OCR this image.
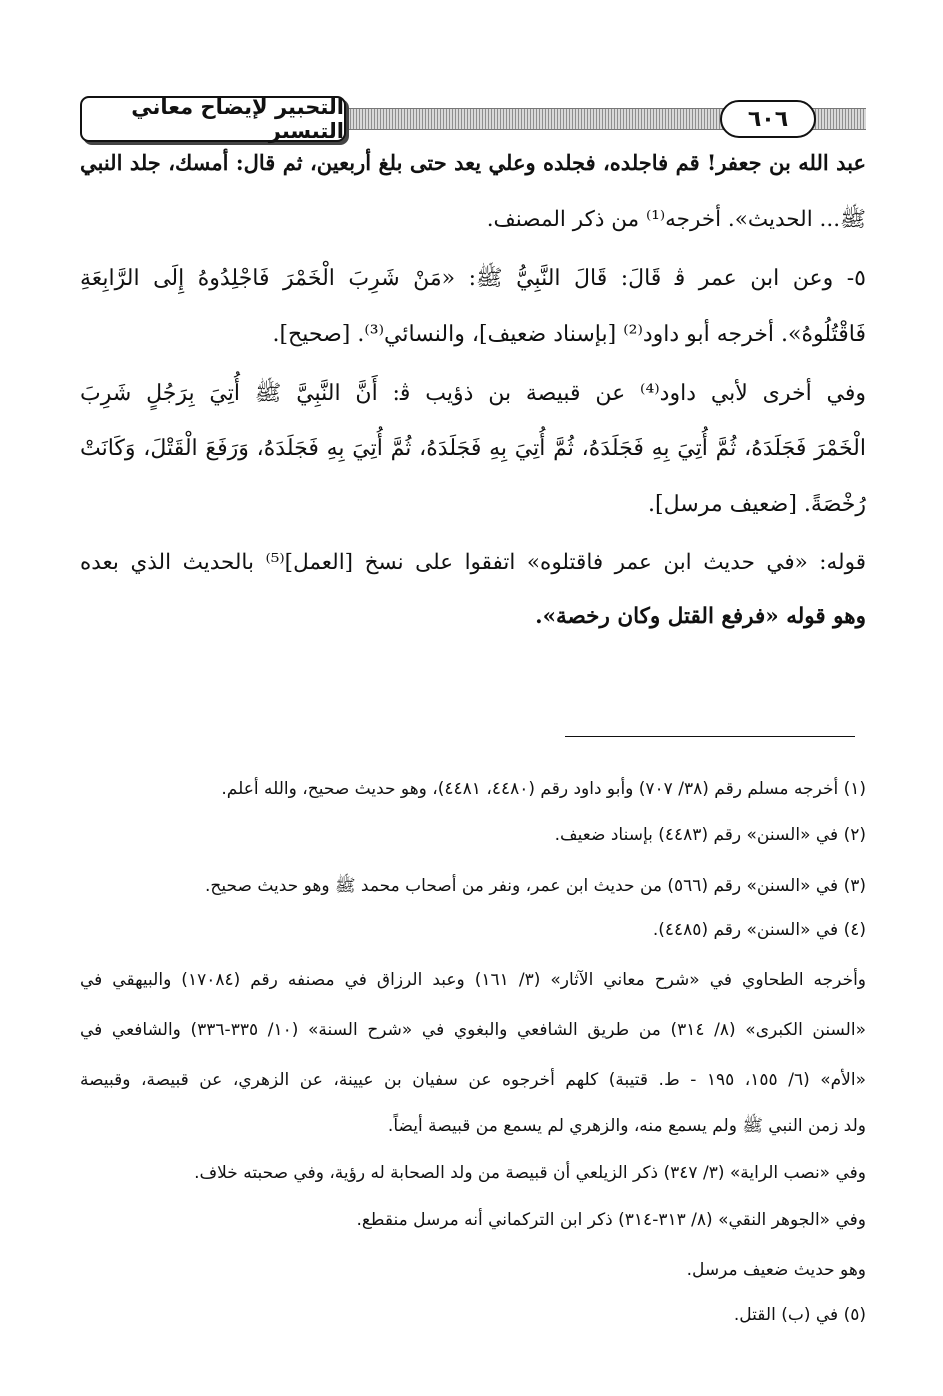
التحبير لإيضاح معاني التيسير	٦٠٦
عبد الله بن جعفر! قم فاجلده، فجلده وعلي يعد حتى بلغ أربعين، ثم قال: أمسك، جلد النبي
ﷺ... الحديث». أخرجه⁽¹⁾ من ذكر المصنف.
٥- وعن ابن عمر ﭬ قَالَ: قَالَ النَّبِيُّ ﷺ: «مَنْ شَرِبَ الْخَمْرَ فَاجْلِدُوهُ إِلَى الرَّابِعَةِ
فَاقْتُلُوهُ». أخرجه أبو داود⁽²⁾ [بإسناد ضعيف]، والنسائي⁽³⁾. [صحيح].
وفي أخرى لأبي داود⁽⁴⁾ عن قبيصة بن ذؤيب ﭬ: أَنَّ النَّبِيَّ ﷺ أُتِيَ بِرَجُلٍ شَرِبَ
الْخَمْرَ فَجَلَدَهُ، ثُمَّ أُتِيَ بِهِ فَجَلَدَهُ، ثُمَّ أُتِيَ بِهِ فَجَلَدَهُ، ثُمَّ أُتِيَ بِهِ فَجَلَدَهُ، وَرَفَعَ الْقَتْلَ، وَكَانَتْ
رُخْصَةً. [ضعيف مرسل].
قوله: «في حديث ابن عمر فاقتلوه» اتفقوا على نسخ [العمل]⁽⁵⁾ بالحديث الذي بعده
وهو قوله «فرفع القتل وكان رخصة».
(١) أخرجه مسلم رقم (٣٨/ ٧٠٧) وأبو داود رقم (٤٤٨٠، ٤٤٨١)، وهو حديث صحيح، والله أعلم.
(٢) في «السنن» رقم (٤٤٨٣) بإسناد ضعيف.
(٣) في «السنن» رقم (٥٦٦) من حديث ابن عمر، ونفر من أصحاب محمد ﷺ وهو حديث صحيح.
(٤) في «السنن» رقم (٤٤٨٥).
وأخرجه الطحاوي في «شرح معاني الآثار» (٣/ ١٦١) وعبد الرزاق في مصنفه رقم (١٧٠٨٤) والبيهقي في
«السنن الكبرى» (٨/ ٣١٤) من طريق الشافعي والبغوي في «شرح السنة» (١٠/ ٣٣٥-٣٣٦) والشافعي في
«الأم» (٦/ ١٥٥، ١٩٥ - ط. قتيبة) كلهم أخرجوه عن سفيان بن عيينة، عن الزهري، عن قبيصة، وقبيصة
ولد زمن النبي ﷺ ولم يسمع منه، والزهري لم يسمع من قبيصة أيضاً.
وفي «نصب الراية» (٣/ ٣٤٧) ذكر الزيلعي أن قبيصة من ولد الصحابة له رؤية، وفي صحبته خلاف.
وفي «الجوهر النقي» (٨/ ٣١٣-٣١٤) ذكر ابن التركماني أنه مرسل منقطع.
وهو حديث ضعيف مرسل.
(٥) في (ب) القتل.
